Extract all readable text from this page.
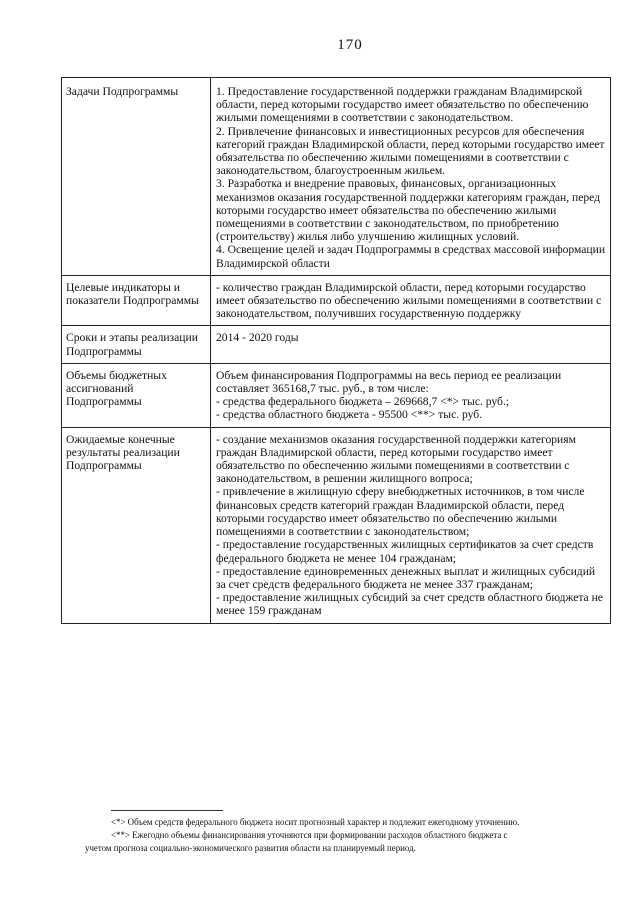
170
Задачи Подпрограммы	1. Предоставление государственной поддержки гражданам Владимирской области, перед которыми государство имеет обязательство по обеспечению жилыми помещениями в соответствии с законодательством.
2. Привлечение финансовых и инвестиционных ресурсов для обеспечения категорий граждан Владимирской области, перед которыми государство имеет обязательства по обеспечению жилыми помещениями в соответствии с законодательством, благоустроенным жильем.
3. Разработка и внедрение правовых, финансовых, организационных механизмов оказания государственной поддержки категориям граждан, перед которыми государство имеет обязательства по обеспечению жилыми помещениями в соответствии с законодательством, по приобретению (строительству) жилья либо улучшению жилищных условий.
4. Освещение целей и задач Подпрограммы в средствах массовой информации Владимирской области

Целевые индикаторы и показатели Подпрограммы	- количество граждан Владимирской области, перед которыми государство имеет обязательство по обеспечению жилыми помещениями в соответствии с законодательством, получивших государственную поддержку

Сроки и этапы реализации Подпрограммы	2014 - 2020 годы

Объемы бюджетных ассигнований Подпрограммы	Объем финансирования Подпрограммы на весь период ее реализации составляет 365168,7 тыс. руб., в том числе:
- средства федерального бюджета – 269668,7 <*> тыс. руб.;
- средства областного бюджета - 95500 <**> тыс. руб.

Ожидаемые конечные результаты реализации Подпрограммы	- создание механизмов оказания государственной поддержки категориям граждан Владимирской области, перед которыми государство имеет обязательство по обеспечению жилыми помещениями в соответствии с законодательством, в решении жилищного вопроса;
- привлечение в жилищную сферу внебюджетных источников, в том числе финансовых средств категорий граждан Владимирской области, перед которыми государство имеет обязательство по обеспечению жилыми помещениями в соответствии с законодательством;
- предоставление государственных жилищных сертификатов за счет средств федерального бюджета не менее 104 гражданам;
- предоставление единовременных денежных выплат и жилищных субсидий за счет средств федерального бюджета не менее 337 гражданам;
- предоставление жилищных субсидий за счет средств областного бюджета не менее 159 гражданам

<*> Объем средств федерального бюджета носит прогнозный характер и подлежит ежегодному уточнению.

<**> Ежегодно объемы финансирования уточняются при формировании расходов областного бюджета с

учетом прогноза социально-экономического развития области на планируемый период.
